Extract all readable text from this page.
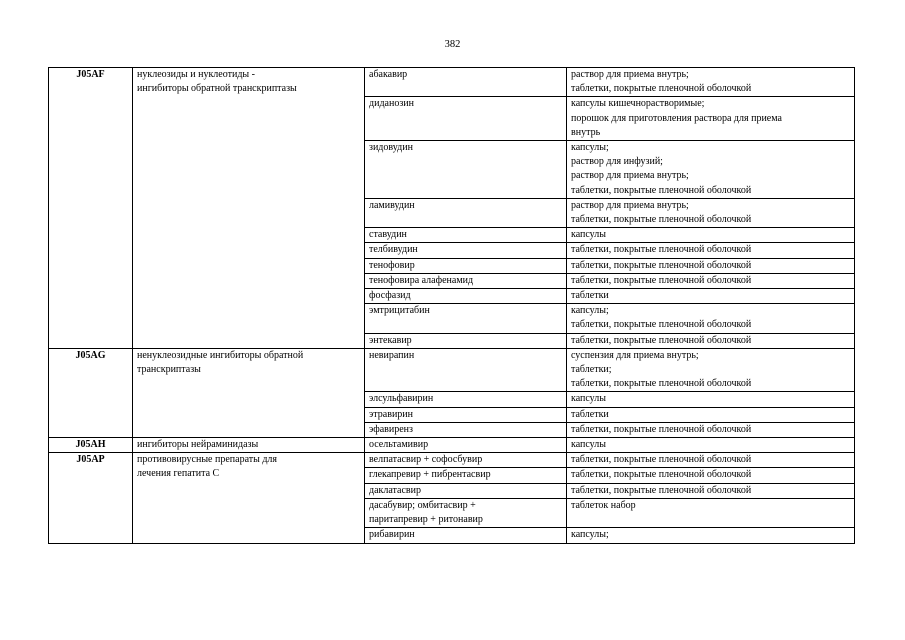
382
J05AF	нуклеозиды и нуклеотиды -
ингибиторы обратной транскриптазы	абакавир	раствор для приема внутрь;
таблетки, покрытые пленочной оболочкой

		диданозин	капсулы кишечнорастворимые;
порошок для приготовления раствора для приема
внутрь

		зидовудин	капсулы;
раствор для инфузий;
раствор для приема внутрь;
таблетки, покрытые пленочной оболочкой

		ламивудин	раствор для приема внутрь;
таблетки, покрытые пленочной оболочкой

		ставудин	капсулы

		телбивудин	таблетки, покрытые пленочной оболочкой

		тенофовир	таблетки, покрытые пленочной оболочкой

		тенофовира алафенамид	таблетки, покрытые пленочной оболочкой

		фосфазид	таблетки

		эмтрицитабин	капсулы;
таблетки, покрытые пленочной оболочкой

		энтекавир	таблетки, покрытые пленочной оболочкой

J05AG	ненуклеозидные ингибиторы обратной
транскриптазы	невирапин	суспензия для приема внутрь;
таблетки;
таблетки, покрытые пленочной оболочкой

		элсульфавирин	капсулы

		этравирин	таблетки

		эфавиренз	таблетки, покрытые пленочной оболочкой

J05AH	ингибиторы нейраминидазы	осельтамивир	капсулы

J05AP	противовирусные препараты для
лечения гепатита C	велпатасвир + софосбувир	таблетки, покрытые пленочной оболочкой

		глекапревир + пибрентасвир	таблетки, покрытые пленочной оболочкой

		даклатасвир	таблетки, покрытые пленочной оболочкой

		дасабувир; омбитасвир +
паритапревир + ритонавир	таблеток набор

		рибавирин	капсулы;
